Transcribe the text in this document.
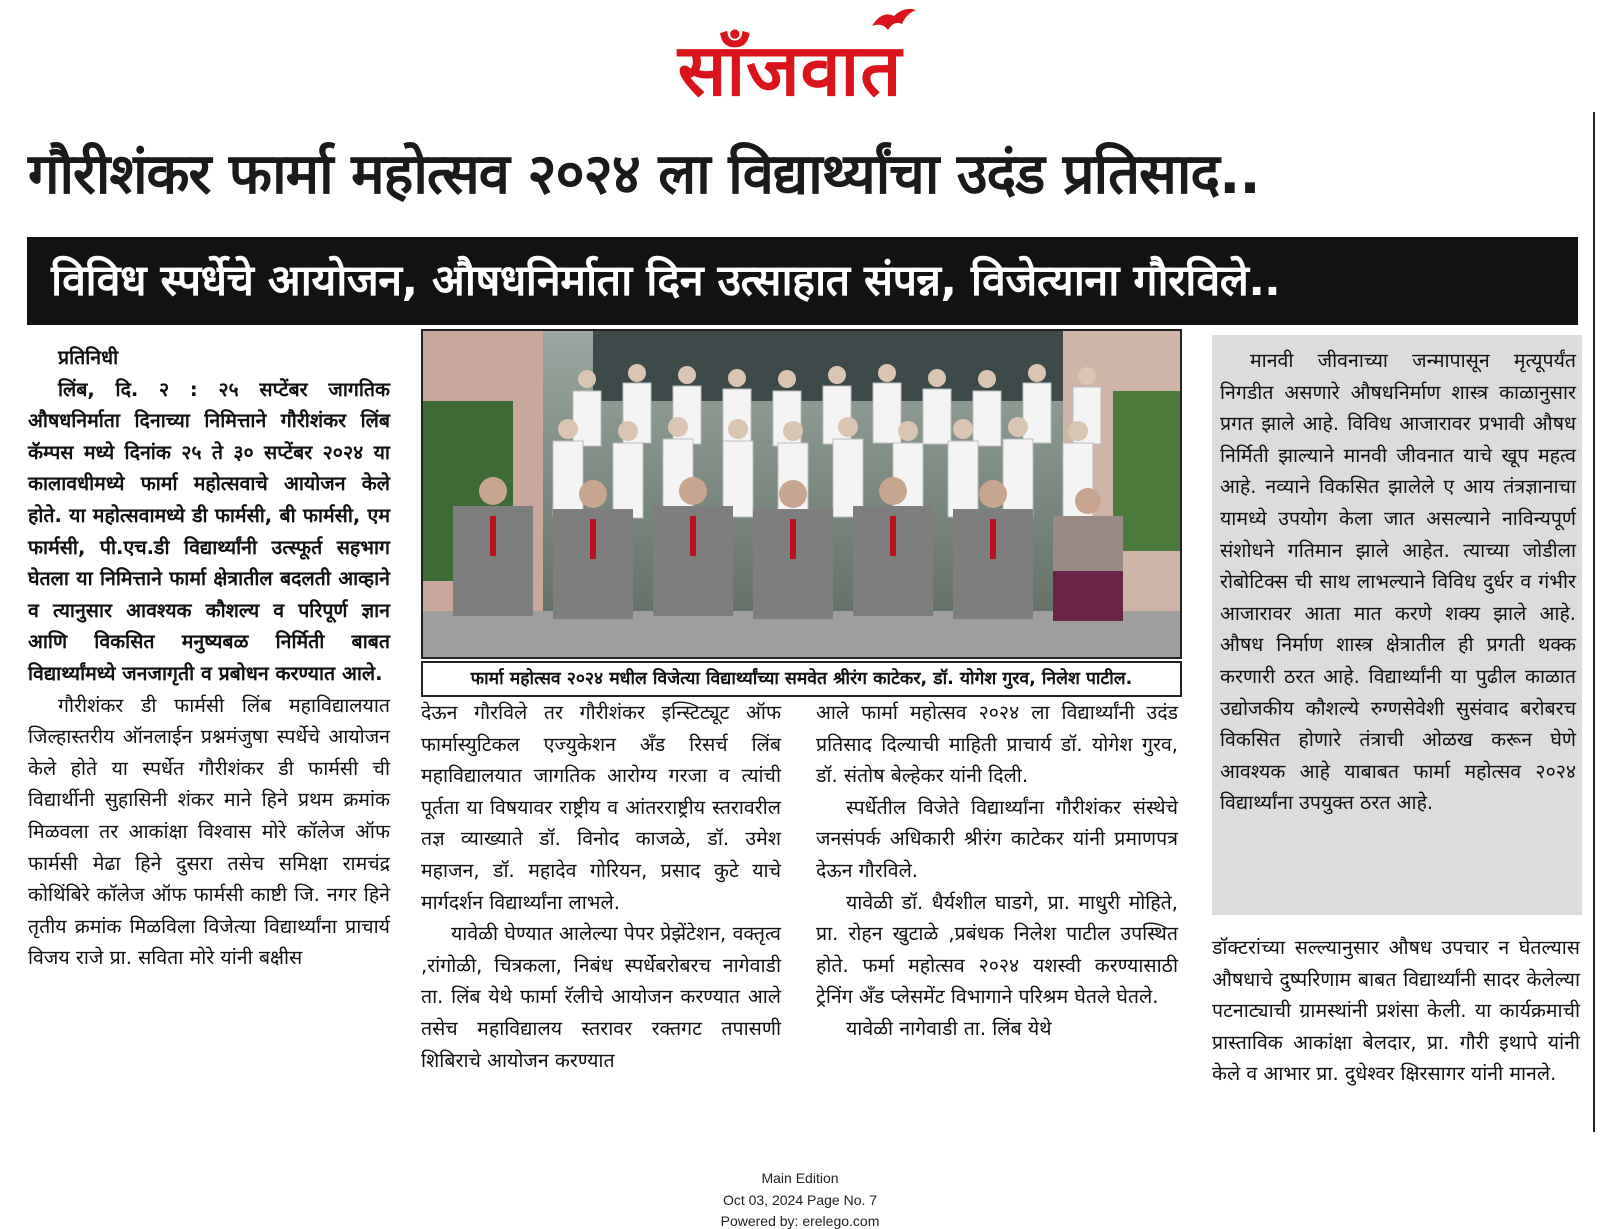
साँजवात
गौरीशंकर फार्मा महोत्सव २०२४ ला विद्यार्थ्यांचा उदंड प्रतिसाद..
विविध स्पर्धेचे आयोजन, औषधनिर्माता दिन उत्साहात संपन्न, विजेत्याना गौरविले..

प्रतिनिधी

लिंब, दि. २ : २५ सप्टेंबर जागतिक औषधनिर्माता दिनाच्या निमित्ताने गौरीशंकर लिंब कॅम्पस मध्ये दिनांक २५ ते ३० सप्टेंबर २०२४ या कालावधीमध्ये फार्मा महोत्सवाचे आयोजन केले होते. या महोत्सवामध्ये डी फार्मसी, बी फार्मसी, एम फार्मसी, पी.एच.डी विद्यार्थ्यांनी उत्स्फूर्त सहभाग घेतला या निमित्ताने फार्मा क्षेत्रातील बदलती आव्हाने व त्यानुसार आवश्यक कौशल्य व परिपूर्ण ज्ञान आणि विकसित मनुष्यबळ निर्मिती बाबत विद्यार्थ्यांमध्ये जनजागृती व प्रबोधन करण्यात आले.

गौरीशंकर डी फार्मसी लिंब महाविद्यालयात जिल्हास्तरीय ऑनलाईन प्रश्नमंजुषा स्पर्धेचे आयोजन केले होते या स्पर्धेत गौरीशंकर डी फार्मसी ची विद्यार्थीनी सुहासिनी शंकर माने हिने प्रथम क्रमांक मिळवला तर आकांक्षा विश्वास मोरे कॉलेज ऑफ फार्मसी मेढा हिने दुसरा तसेच समिक्षा रामचंद्र कोथिंबिरे कॉलेज ऑफ फार्मसी काष्टी जि. नगर हिने तृतीय क्रमांक मिळविला विजेत्या विद्यार्थ्यांना प्राचार्य विजय राजे प्रा. सविता मोरे यांनी बक्षीस

फार्मा महोत्सव २०२४ मधील विजेत्या विद्यार्थ्यांच्या समवेत श्रीरंग काटेकर, डॉ. योगेश गुरव, निलेश पाटील.

देऊन गौरविले तर गौरीशंकर इन्स्टिट्यूट ऑफ फार्मास्युटिकल एज्युकेशन अँड रिसर्च लिंब महाविद्यालयात जागतिक आरोग्य गरजा व त्यांची पूर्तता या विषयावर राष्ट्रीय व आंतरराष्ट्रीय स्तरावरील तज्ञ व्याख्याते डॉ. विनोद काजळे, डॉ. उमेश महाजन, डॉ. महादेव गोरियन, प्रसाद कुटे याचे मार्गदर्शन विद्यार्थ्यांना लाभले.

यावेळी घेण्यात आलेल्या पेपर प्रेझेंटेशन, वक्तृत्व ,रांगोळी, चित्रकला, निबंध स्पर्धेबरोबरच नागेवाडी ता. लिंब येथे फार्मा रॅलीचे आयोजन करण्यात आले तसेच महाविद्यालय स्तरावर रक्तगट तपासणी शिबिराचे आयोजन करण्यात

आले फार्मा महोत्सव २०२४ ला विद्यार्थ्यांनी उदंड प्रतिसाद दिल्याची माहिती प्राचार्य डॉ. योगेश गुरव, डॉ. संतोष बेल्हेकर यांनी दिली.

स्पर्धेतील विजेते विद्यार्थ्यांना गौरीशंकर संस्थेचे जनसंपर्क अधिकारी श्रीरंग काटेकर यांनी प्रमाणपत्र देऊन गौरविले.

यावेळी डॉ. धैर्यशील घाडगे, प्रा. माधुरी मोहिते, प्रा. रोहन खुटाळे ,प्रबंधक निलेश पाटील उपस्थित होते. फर्मा महोत्सव २०२४ यशस्वी करण्यासाठी ट्रेनिंग अँड प्लेसमेंट विभागाने परिश्रम घेतले घेतले.

यावेळी नागेवाडी ता. लिंब येथे

मानवी जीवनाच्या जन्मापासून मृत्यूपर्यंत निगडीत असणारे औषधनिर्माण शास्त्र काळानुसार प्रगत झाले आहे. विविध आजारावर प्रभावी औषध निर्मिती झाल्याने मानवी जीवनात याचे खूप महत्व आहे. नव्याने विकसित झालेले ए आय तंत्रज्ञानाचा यामध्ये उपयोग केला जात असल्याने नाविन्यपूर्ण संशोधने गतिमान झाले आहेत. त्याच्या जोडीला रोबोटिक्स ची साथ लाभल्याने विविध दुर्धर व गंभीर आजारावर आता मात करणे शक्य झाले आहे. औषध निर्माण शास्त्र क्षेत्रातील ही प्रगती थक्क करणारी ठरत आहे. विद्यार्थ्यांनी या पुढील काळात उद्योजकीय कौशल्ये रुग्णसेवेशी सुसंवाद बरोबरच विकसित होणारे तंत्राची ओळख करून घेणे आवश्यक आहे याबाबत फार्मा महोत्सव २०२४ विद्यार्थ्यांना उपयुक्त ठरत आहे.

डॉक्टरांच्या सल्ल्यानुसार औषध उपचार न घेतल्यास औषधाचे दुष्परिणाम बाबत विद्यार्थ्यांनी सादर केलेल्या पटनाट्याची ग्रामस्थांनी प्रशंसा केली. या कार्यक्रमाची प्रास्ताविक आकांक्षा बेलदार, प्रा. गौरी इथापे यांनी केले व आभार प्रा. दुधेश्वर क्षिरसागर यांनी मानले.

Main Edition
Oct 03, 2024 Page No. 7
Powered by: erelego.com
